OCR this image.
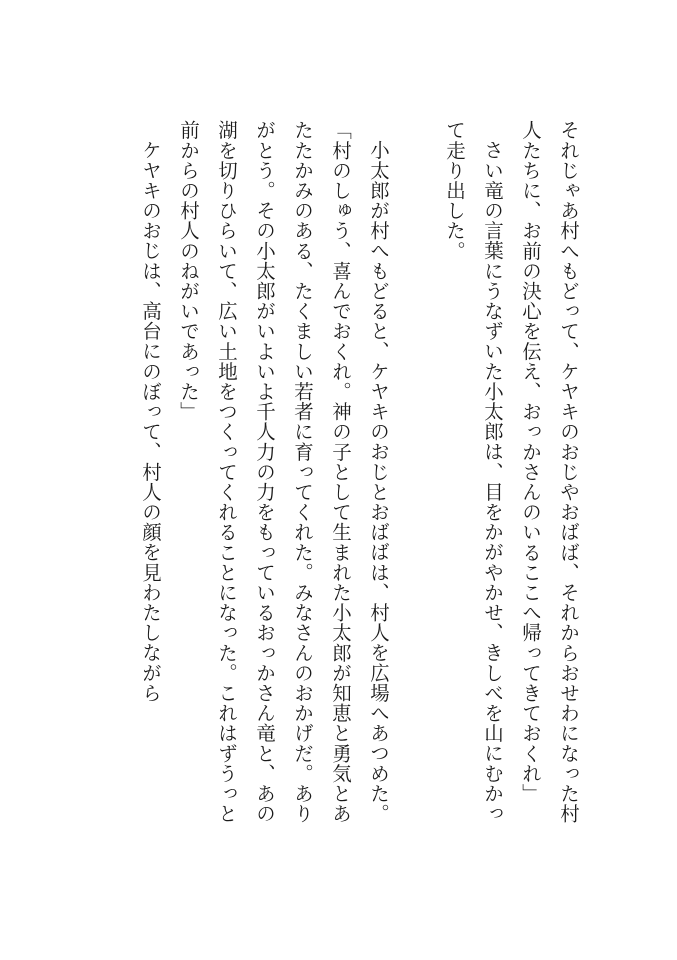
それじゃあ村へもどって、ケヤキのおじやおばば、それからおせわになった村
人たちに、お前の決心を伝え、おっかさんのいるここへ帰ってきておくれ」
さい竜の言葉にうなずいた小太郎は、目をかがやかせ、きしべを山にむかっ
て走り出した。
小太郎が村へもどると、ケヤキのおじとおばばは、村人を広場へあつめた。
「村のしゅう、喜んでおくれ。神の子として生まれた小太郎が知恵と勇気とあ
たたかみのある、たくましい若者に育ってくれた。みなさんのおかげだ。あり
がとう。その小太郎がいよいよ千人力の力をもっているおっかさん竜と、あの
湖を切りひらいて、広い土地をつくってくれることになった。これはずうっと
前からの村人のねがいであった」
ケヤキのおじは、高台にのぼって、村人の顔を見わたしながら
